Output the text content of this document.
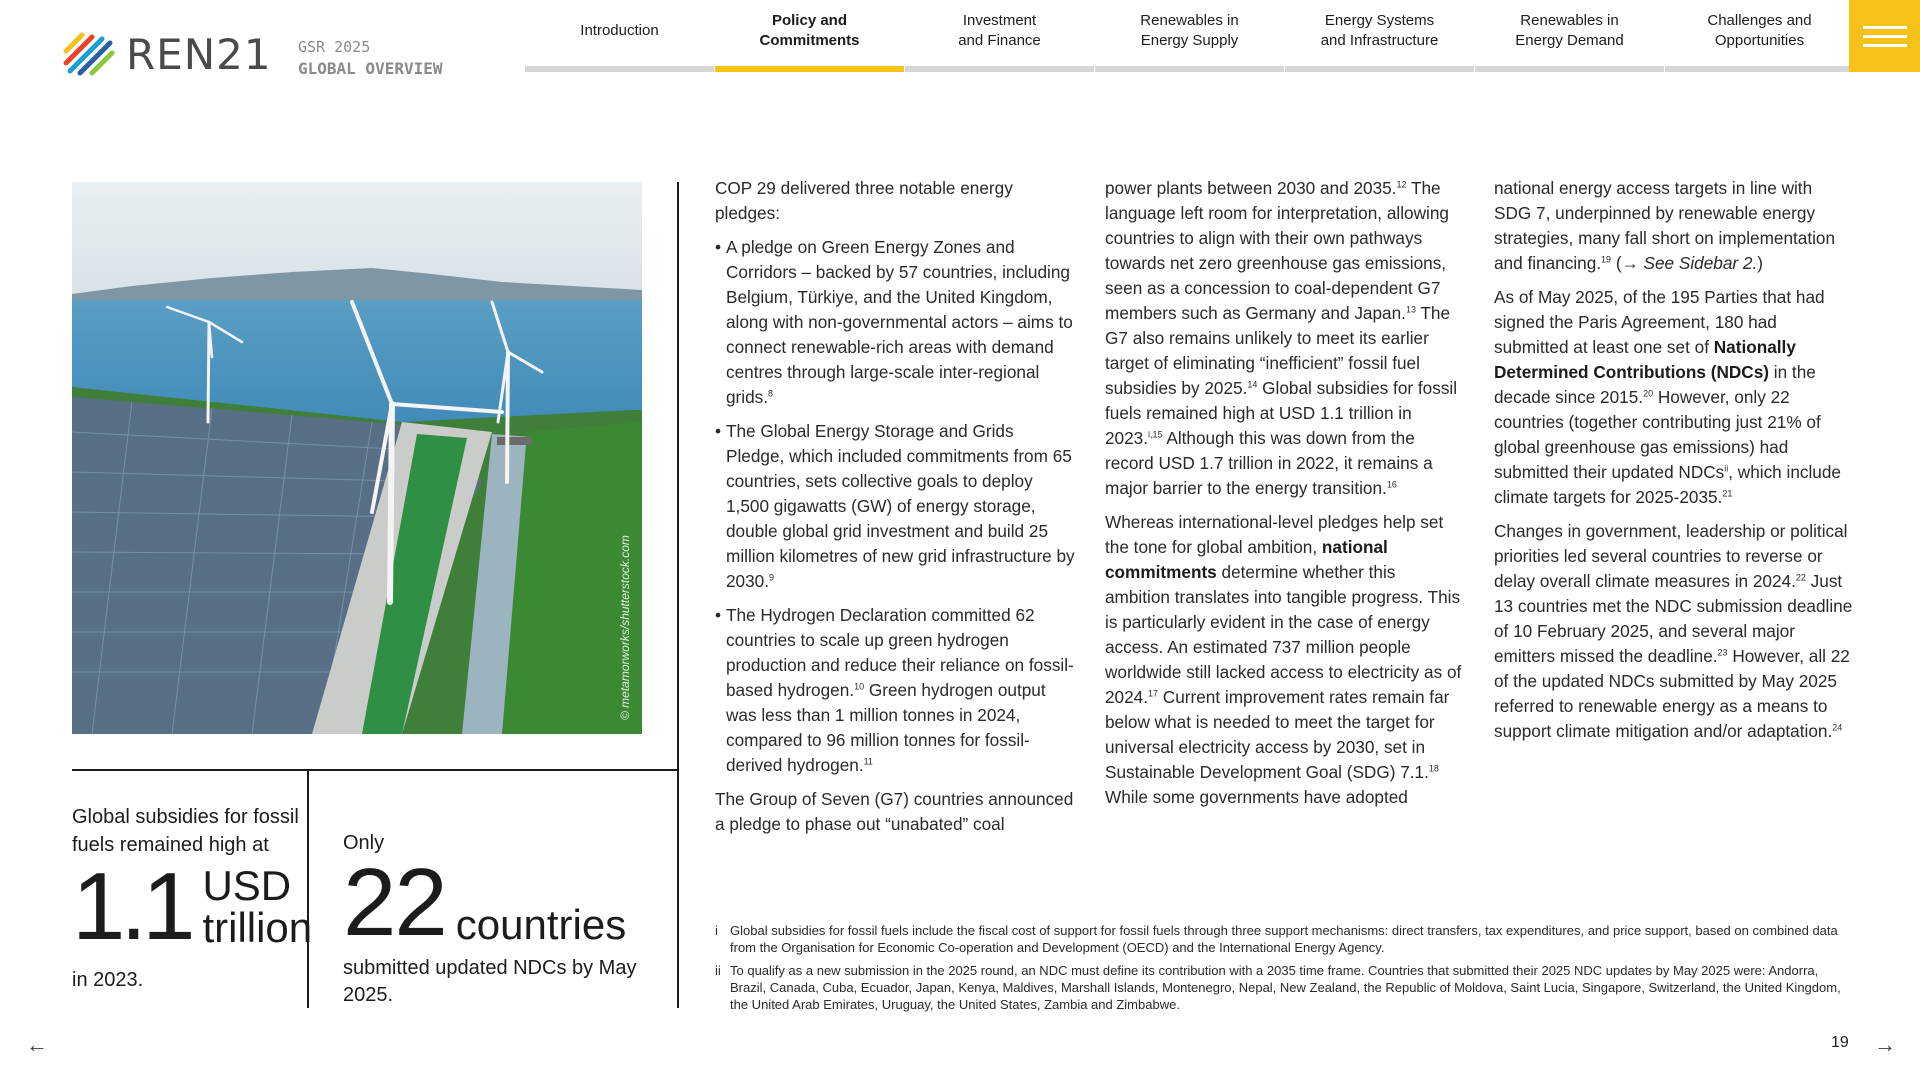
REN21 GSR 2025
GLOBAL OVERVIEW
Introduction
Policy and
Commitments
Investment
and Finance
Renewables in
Energy Supply
Energy Systems
and Infrastructure
Renewables in
Energy Demand
Challenges and
Opportunities
© metamorworks/shutterstock.com
Global subsidies for fossil fuels remained high at
1.1 USD
trillion
in 2023.
Only
22 countries
submitted updated NDCs by May 2025.

COP 29 delivered three notable energy pledges:

• A pledge on Green Energy Zones and Corridors – backed by 57 countries, including Belgium, Türkiye, and the United Kingdom, along with non-governmental actors – aims to connect renewable-rich areas with demand centres through large-scale inter-regional grids.$^8$
• The Global Energy Storage and Grids Pledge, which included commitments from 65 countries, sets collective goals to deploy 1,500 gigawatts (GW) of energy storage, double global grid investment and build 25 million kilometres of new grid infrastructure by 2030.$^9$
• The Hydrogen Declaration committed 62 countries to scale up green hydrogen production and reduce their reliance on fossil-based hydrogen.$^{10}$ Green hydrogen output was less than 1 million tonnes in 2024, compared to 96 million tonnes for fossil-derived hydrogen.$^{11}$

The Group of Seven (G7) countries announced a pledge to phase out “unabated” coal

power plants between 2030 and 2035.12 The language left room for interpretation, allowing countries to align with their own pathways towards net zero greenhouse gas emissions, seen as a concession to coal-dependent G7 members such as Germany and Japan.$^{13}$ The G7 also remains unlikely to meet its earlier target of eliminating “inefficient” fossil fuel subsidies by 2025.14 Global subsidies for fossil fuels remained high at USD 1.1 trillion in 2023.$^{i,15}$ Although this was down from the record USD 1.7 trillion in 2022, it remains a major barrier to the energy transition.$^{16}$

Whereas international-level pledges help set the tone for global ambition, national commitments determine whether this ambition translates into tangible progress. This is particularly evident in the case of energy access. An estimated 737 million people worldwide still lacked access to electricity as of 2024.17 Current improvement rates remain far below what is needed to meet the target for universal electricity access by 2030, set in Sustainable Development Goal (SDG) 7.1.18 While some governments have adopted

national energy access targets in line with SDG 7, underpinned by renewable energy strategies, many fall short on implementation and financing.$^{19}$ (→ See Sidebar 2.)

As of May 2025, of the 195 Parties that had signed the Paris Agreement, 180 had submitted at least one set of Nationally Determined Contributions (NDCs) in the decade since 2015.20 However, only 22 countries (together contributing just 21% of global greenhouse gas emissions) had submitted their updated NDCs$^{ii}$, which include climate targets for 2025-2035.21

Changes in government, leadership or political priorities led several countries to reverse or delay overall climate measures in 2024.22 Just 13 countries met the NDC submission deadline of 10 February 2025, and several major emitters missed the deadline.$^{23}$ However, all 22 of the updated NDCs submitted by May 2025 referred to renewable energy as a means to support climate mitigation and/or adaptation.$^{24}$

i Global subsidies for fossil fuels include the fiscal cost of support for fossil fuels through three support mechanisms: direct transfers, tax expenditures, and price support, based on combined data from the Organisation for Economic Co-operation and Development (OECD) and the International Energy Agency.
ii To qualify as a new submission in the 2025 round, an NDC must define its contribution with a 2035 time frame. Countries that submitted their 2025 NDC updates by May 2025 were: Andorra, Brazil, Canada, Cuba, Ecuador, Japan, Kenya, Maldives, Marshall Islands, Montenegro, Nepal, New Zealand, the Republic of Moldova, Saint Lucia, Singapore, Switzerland, the United Kingdom, the United Arab Emirates, Uruguay, the United States, Zambia and Zimbabwe.
←	19 →
